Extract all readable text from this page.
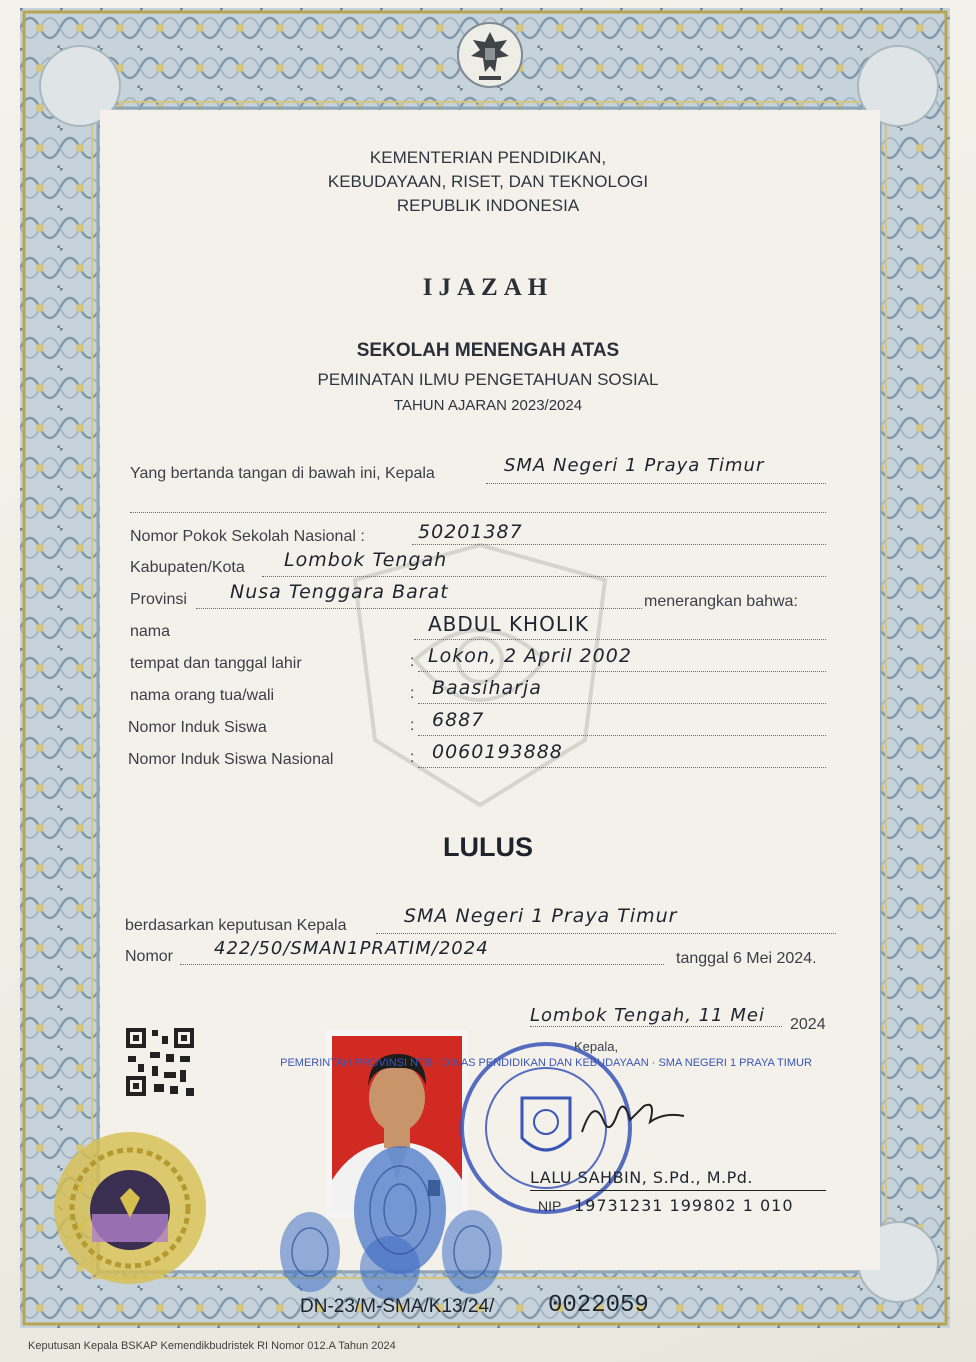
KEMENTERIAN PENDIDIKAN,
KEBUDAYAAN, RISET, DAN TEKNOLOGI
REPUBLIK INDONESIA
IJAZAH
SEKOLAH MENENGAH ATAS
PEMINATAN ILMU PENGETAHUAN SOSIAL
TAHUN AJARAN 2023/2024
Yang bertanda tangan di bawah ini, Kepala	SMA Negeri 1 Praya Timur
Nomor Pokok Sekolah Nasional :	50201387
Kabupaten/Kota Lombok Tengah
Provinsi Nusa Tenggara Barat	menerangkan bahwa:
nama	ABDUL KHOLIK
tempat dan tanggal lahir	: Lokon, 2 April 2002
nama orang tua/wali	: Baasiharja
Nomor Induk Siswa	: 6887
Nomor Induk Siswa Nasional	: 0060193888
LULUS
berdasarkan keputusan Kepala	SMA Negeri 1 Praya Timur
Nomor 422/50/SMAN1PRATIM/2024	tanggal 6 Mei 2024.
Lombok Tengah, 11 Mei 2024
Kepala,
PEMERINTAH PROVINSI NTB · DINAS PENDIDIKAN DAN KEBUDAYAAN · SMA NEGERI 1 PRAYA TIMUR
LALU SAHBIN, S.Pd., M.Pd.
NIP 19731231 199802 1 010
DN-23/M-SMA/K13/24/ 0022059
Keputusan Kepala BSKAP Kemendikbudristek RI Nomor 012.A Tahun 2024
